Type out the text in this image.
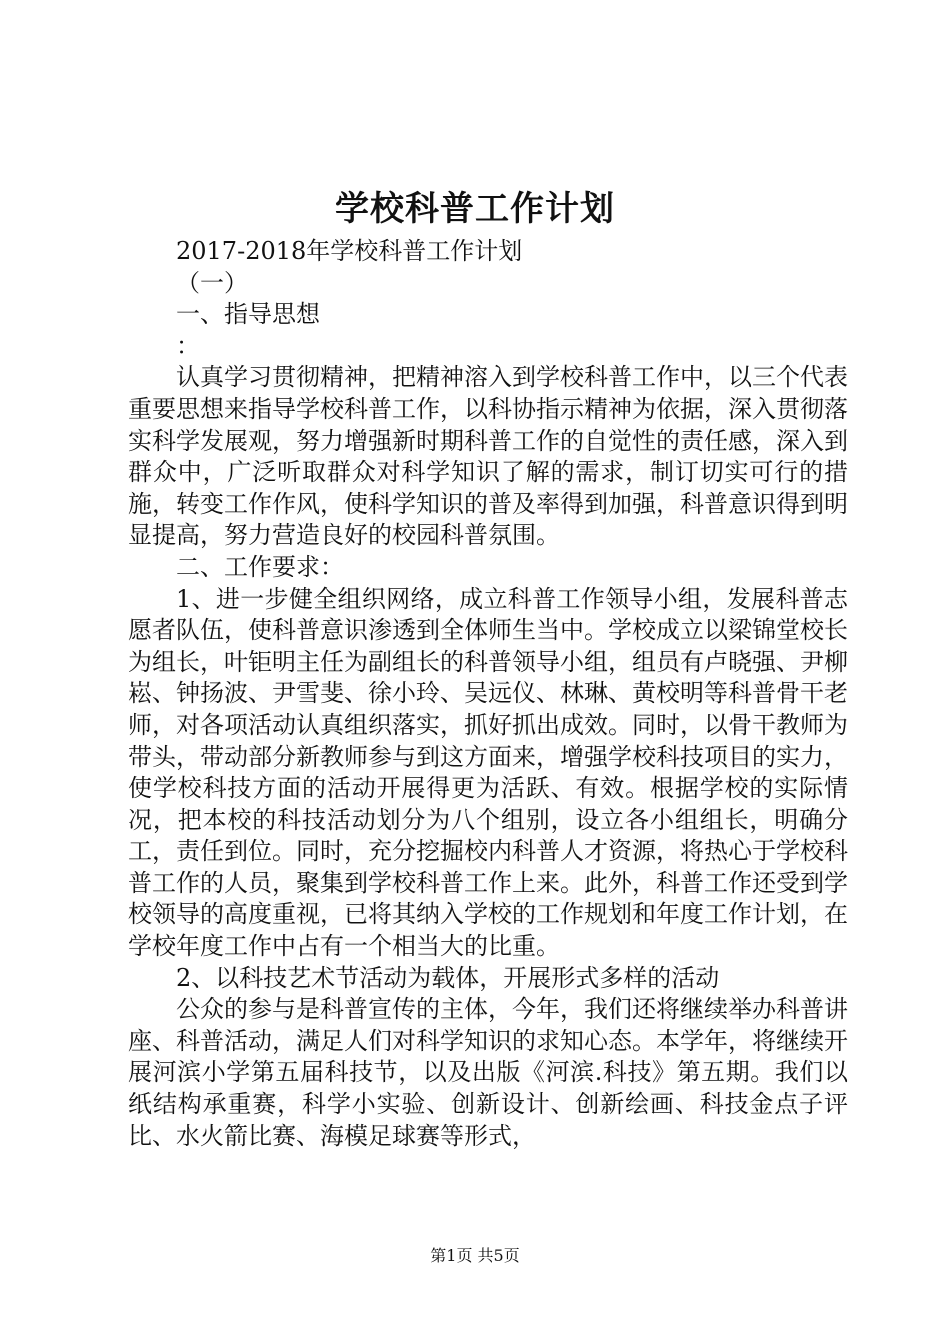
学校科普工作计划

2017-2018年学校科普工作计划

（一）

一、指导思想

：

认真学习贯彻精神，把精神溶入到学校科普工作中，以三个代表重要思想来指导学校科普工作，以科协指示精神为依据，深入贯彻落实科学发展观，努力增强新时期科普工作的自觉性的责任感，深入到群众中，广泛听取群众对科学知识了解的需求，制订切实可行的措施，转变工作作风，使科学知识的普及率得到加强，科普意识得到明显提高，努力营造良好的校园科普氛围。

二、工作要求：

1、进一步健全组织网络，成立科普工作领导小组，发展科普志愿者队伍，使科普意识渗透到全体师生当中。学校成立以梁锦堂校长为组长，叶钜明主任为副组长的科普领导小组，组员有卢晓强、尹柳崧、钟扬波、尹雪斐、徐小玲、吴远仪、林琳、黄校明等科普骨干老师，对各项活动认真组织落实，抓好抓出成效。同时，以骨干教师为带头，带动部分新教师参与到这方面来，增强学校科技项目的实力，使学校科技方面的活动开展得更为活跃、有效。根据学校的实际情况，把本校的科技活动划分为八个组别，设立各小组组长，明确分工，责任到位。同时，充分挖掘校内科普人才资源，将热心于学校科普工作的人员，聚集到学校科普工作上来。此外，科普工作还受到学校领导的高度重视，已将其纳入学校的工作规划和年度工作计划，在学校年度工作中占有一个相当大的比重。

2、以科技艺术节活动为载体，开展形式多样的活动

公众的参与是科普宣传的主体，今年，我们还将继续举办科普讲座、科普活动，满足人们对科学知识的求知心态。本学年，将继续开展河滨小学第五届科技节，以及出版《河滨.科技》第五期。我们以纸结构承重赛，科学小实验、创新设计、创新绘画、科技金点子评比、水火箭比赛、海模足球赛等形式，

第1页 共5页
